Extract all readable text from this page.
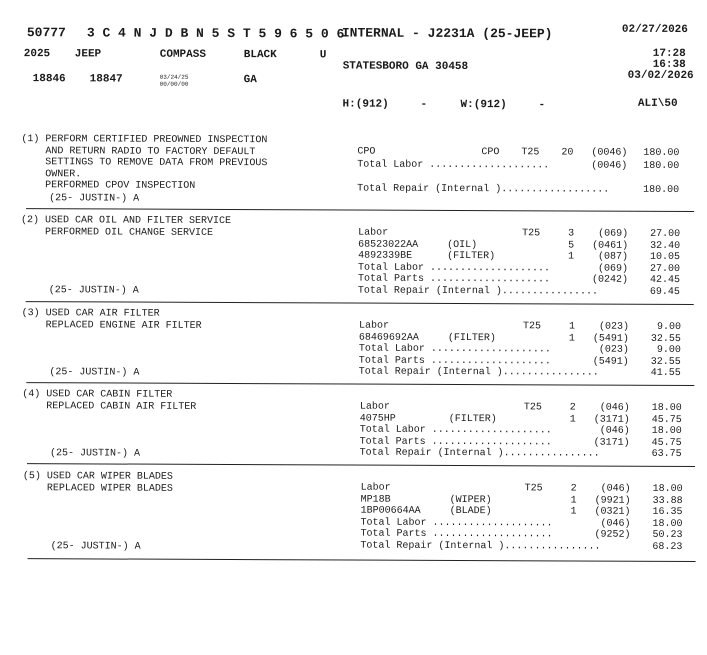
50777 3 C 4 N J D B N 5 S T 5 9 6 5 0 6
INTERNAL - J2231A (25-JEEP)	02/27/2026
2025 JEEP	COMPASS	BLACK	U	17:28
16:38
STATESBORO GA 30458
03/02/2026
18846 18847	03/24/25
00/00/00	GA
H:(912)	-	W:(912)	-	ALI\50
(1) PERFORM CERTIFIED PREOWNED INSPECTION
AND RETURN RADIO TO FACTORY DEFAULT
SETTINGS TO REMOVE DATA FROM PREVIOUS
OWNER.
PERFORMED CPOV INSPECTION
(25- JUSTIN-) A
CPO	CPO T25	20	(0046)	180.00
Total Labor ....................	(0046)	180.00
Total Repair (Internal )..................	180.00
(2) USED CAR OIL AND FILTER SERVICE
PERFORMED OIL CHANGE SERVICE
(25- JUSTIN-) A
Labor	T25	3	(069)	27.00
68523022AA	(OIL)	5	(0461)	32.40
4892339BE	(FILTER)	1	(087)	10.05
Total Labor ....................	(069)	27.00
Total Parts ....................	(0242)	42.45
Total Repair (Internal )................	69.45
(3) USED CAR AIR FILTER
REPLACED ENGINE AIR FILTER
(25- JUSTIN-) A
Labor	T25	1	(023)	9.00
68469692AA	(FILTER)	1	(5491)	32.55
Total Labor ....................	(023)	9.00
Total Parts ....................	(5491)	32.55
Total Repair (Internal )................	41.55
(4) USED CAR CABIN FILTER
REPLACED CABIN AIR FILTER
(25- JUSTIN-) A
Labor	T25	2	(046)	18.00
4075HP	(FILTER)	1	(3171)	45.75
Total Labor ....................	(046)	18.00
Total Parts ....................	(3171)	45.75
Total Repair (Internal )................	63.75
(5) USED CAR WIPER BLADES
REPLACED WIPER BLADES
(25- JUSTIN-) A
Labor	T25	2	(046)	18.00
MP18B	(WIPER)	1	(9921)	33.88
1BP00664AA	(BLADE)	1	(0321)	16.35
Total Labor ....................	(046)	18.00
Total Parts ....................	(9252)	50.23
Total Repair (Internal )................	68.23
